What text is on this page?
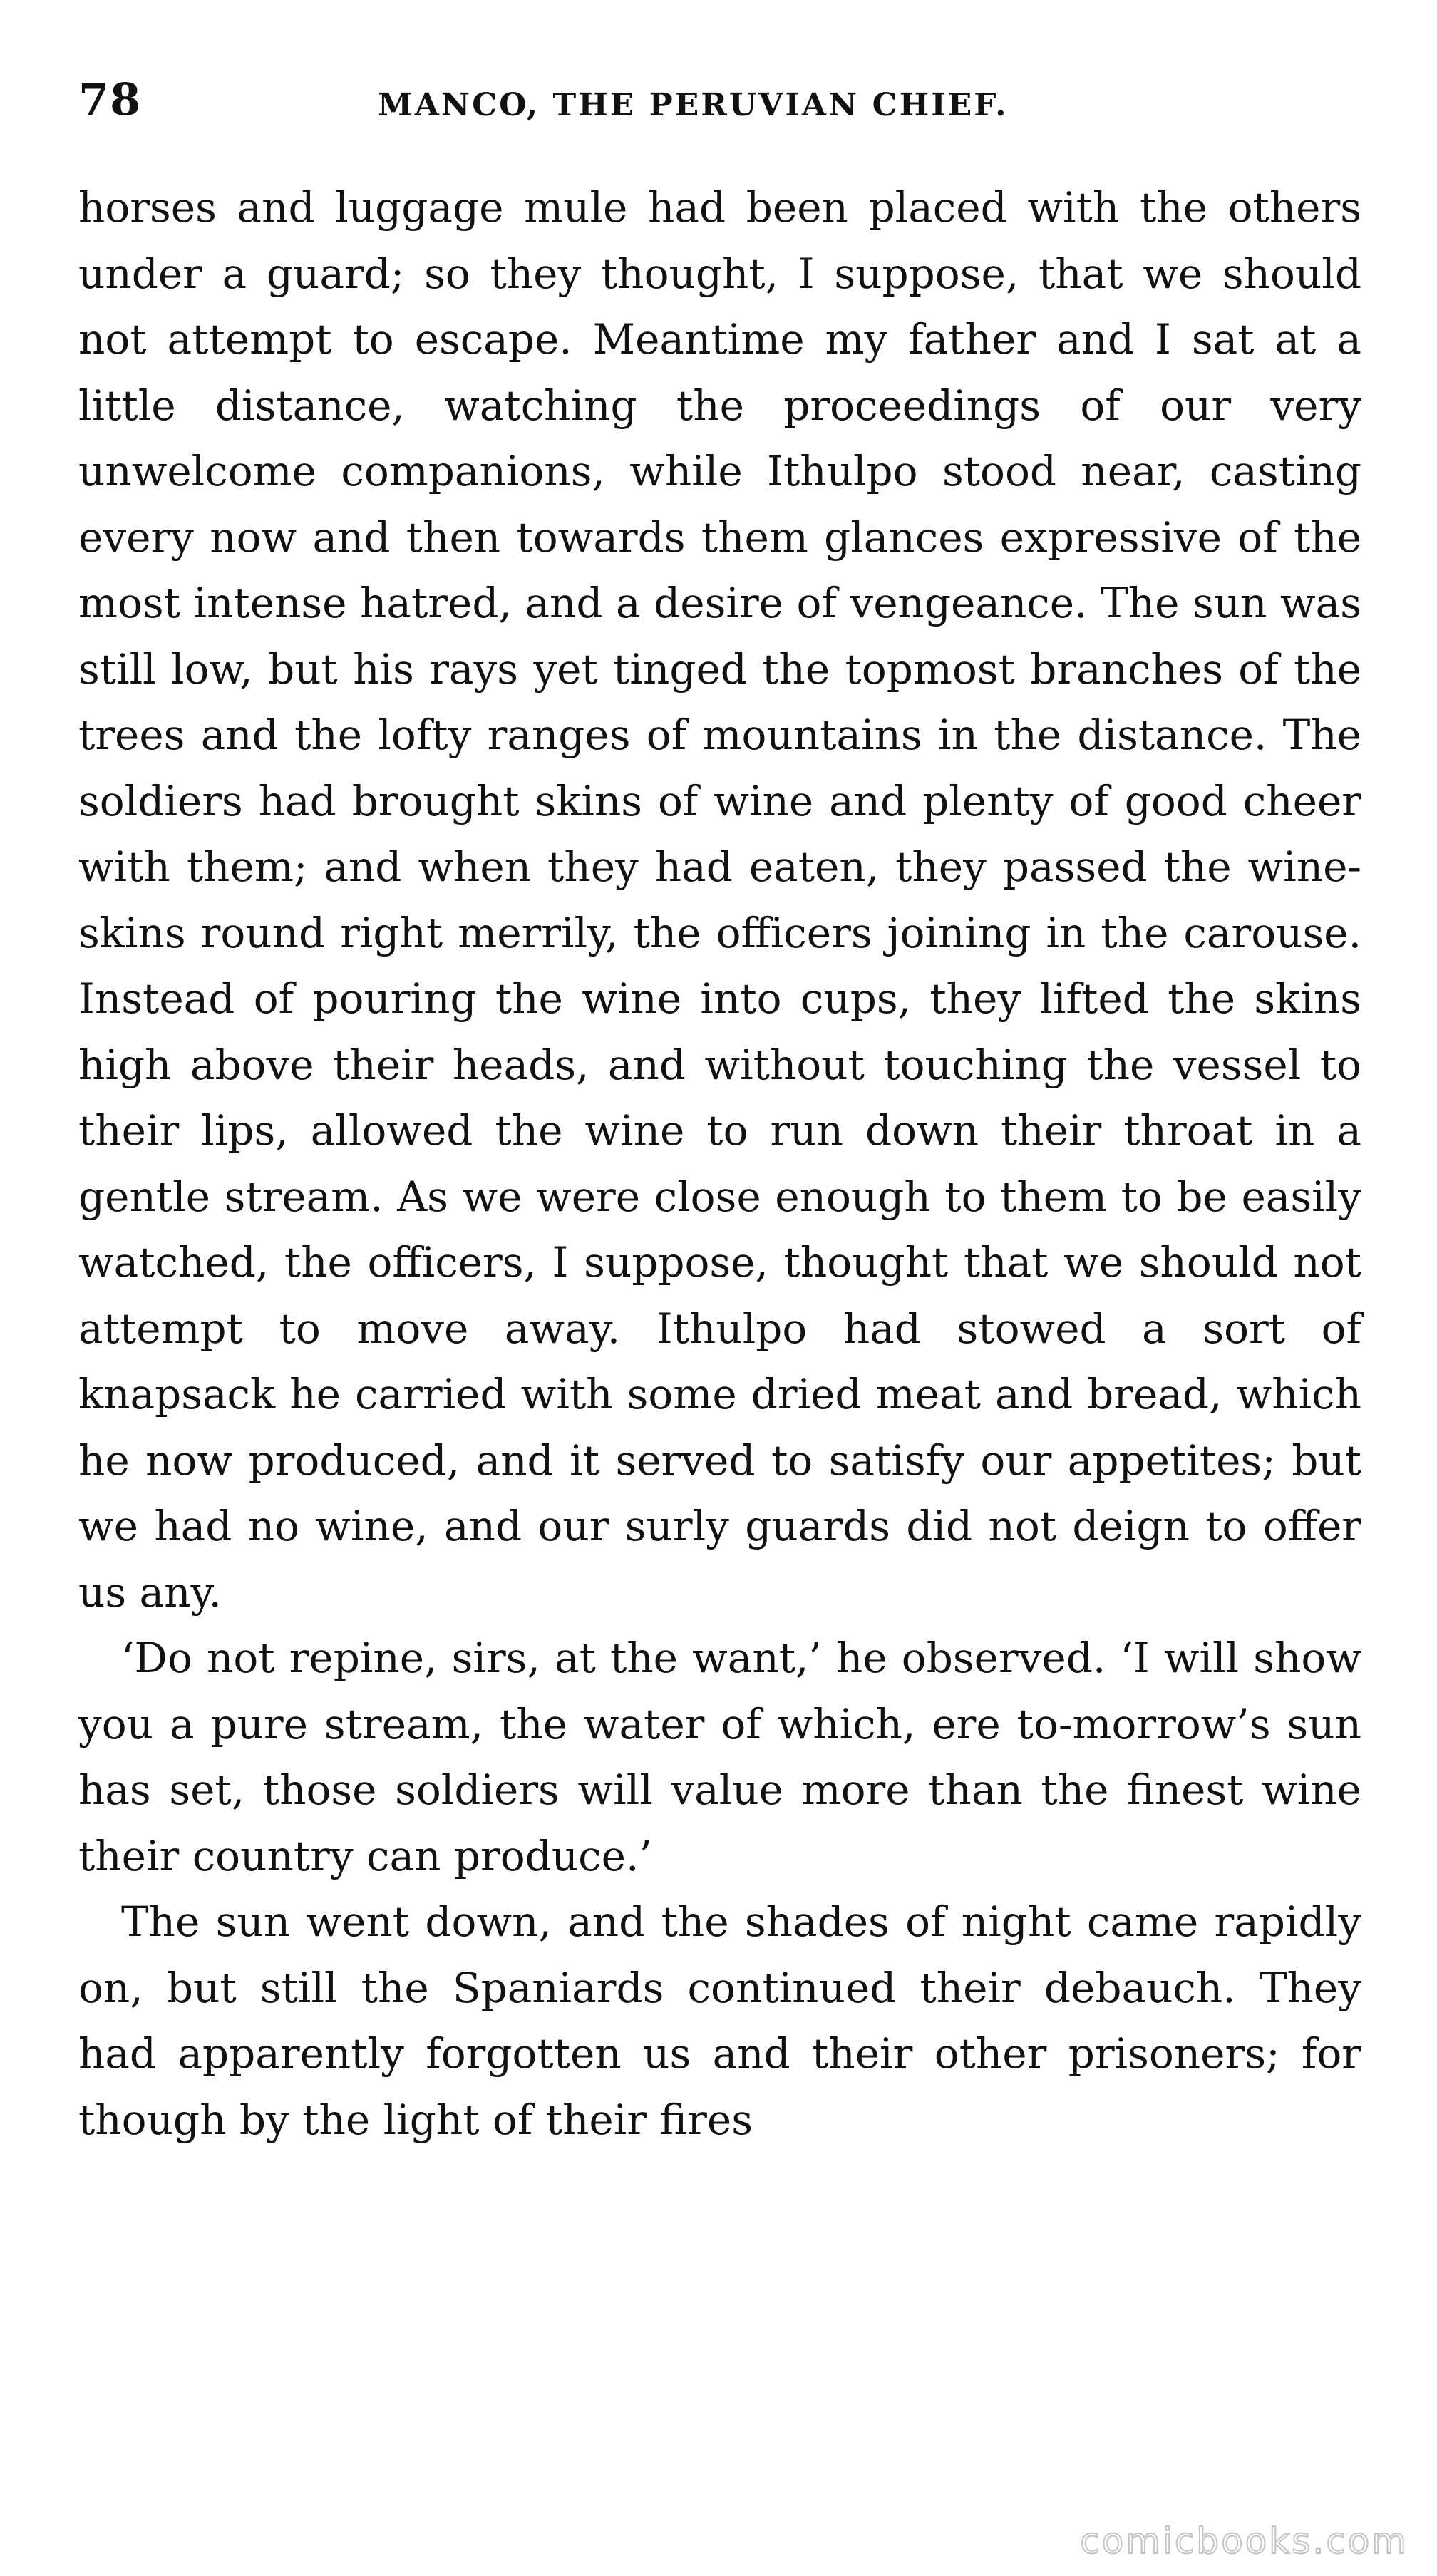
78	MANCO, THE PERUVIAN CHIEF.

horses and luggage mule had been placed with the others under a guard; so they thought, I suppose, that we should not attempt to escape. Meantime my father and I sat at a little distance, watching the proceedings of our very unwelcome companions, while Ithulpo stood near, casting every now and then towards them glances expressive of the most intense hatred, and a desire of vengeance. The sun was still low, but his rays yet tinged the topmost branches of the trees and the lofty ranges of mountains in the distance. The soldiers had brought skins of wine and plenty of good cheer with them; and when they had eaten, they passed the wine-skins round right merrily, the officers joining in the carouse. Instead of pouring the wine into cups, they lifted the skins high above their heads, and without touching the vessel to their lips, allowed the wine to run down their throat in a gentle stream. As we were close enough to them to be easily watched, the officers, I suppose, thought that we should not attempt to move away. Ithulpo had stowed a sort of knapsack he carried with some dried meat and bread, which he now produced, and it served to satisfy our appetites; but we had no wine, and our surly guards did not deign to offer us any.

‘Do not repine, sirs, at the want,’ he observed. ‘I will show you a pure stream, the water of which, ere to-morrow’s sun has set, those soldiers will value more than the finest wine their country can produce.’

The sun went down, and the shades of night came rapidly on, but still the Spaniards continued their debauch. They had apparently forgotten us and their other prisoners; for though by the light of their fires

comicbooks.com
